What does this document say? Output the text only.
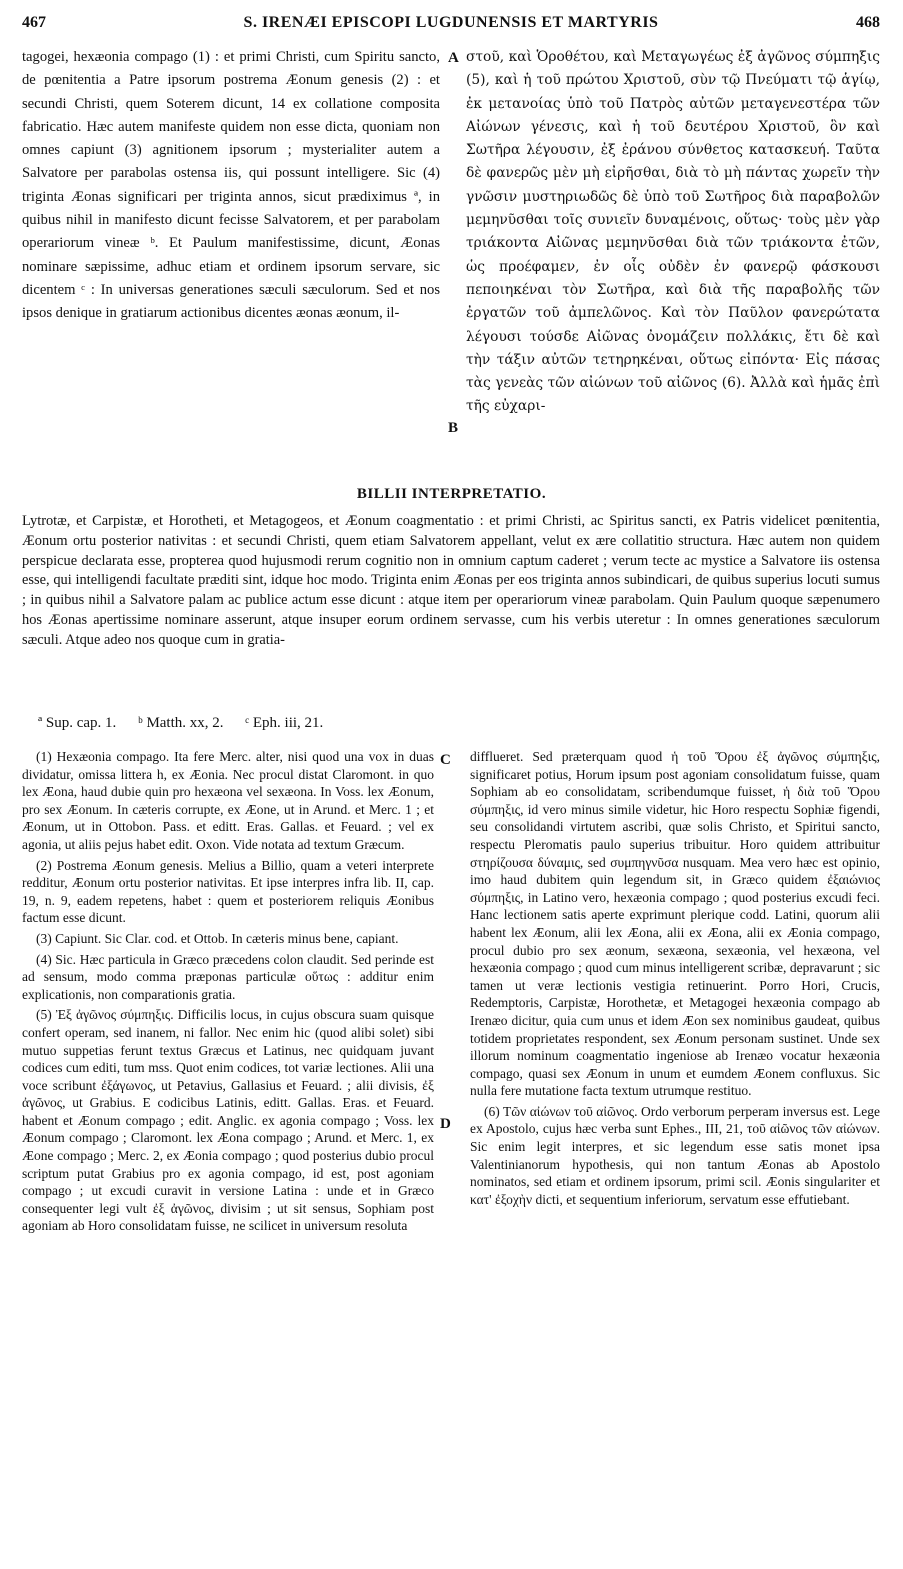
467	S. IRENÆI EPISCOPI LUGDUNENSIS ET MARTYRIS	468

tagogei, hexæonia compago (1) : et primi Christi, cum Spiritu sancto, de pœnitentia a Patre ipsorum postrema Æonum genesis (2) : et secundi Christi, quem Soterem dicunt, 14 ex collatione composita fabricatio. Hæc autem manifeste quidem non esse dicta, quoniam non omnes capiunt (3) agnitionem ipsorum ; mysterialiter autem a Salvatore per parabolas ostensa iis, qui possunt intelligere. Sic (4) triginta Æonas significari per triginta annos, sicut prædiximus ª, in quibus nihil in manifesto dicunt fecisse Salvatorem, et per parabolam operariorum vineæ ᵇ. Et Paulum manifestissime, dicunt, Æonas nominare sæpissime, adhuc etiam et ordinem ipsorum servare, sic dicentem ᶜ : In universas generationes sæculi sæculorum. Sed et nos ipsos denique in gratiarum actionibus dicentes æonas æonum, il-

στοῦ, καὶ Ὁροθέτου, καὶ Μεταγωγέως ἐξ ἀγῶνος σύμπηξις (5), καὶ ἡ τοῦ πρώτου Χριστοῦ, σὺν τῷ Πνεύματι τῷ ἁγίῳ, ἐκ μετανοίας ὑπὸ τοῦ Πατρὸς αὐτῶν μεταγενεστέρα τῶν Αἰώνων γένεσις, καὶ ἡ τοῦ δευτέρου Χριστοῦ, ὃν καὶ Σωτῆρα λέγουσιν, ἐξ ἐράνου σύνθετος κατασκευή. Ταῦτα δὲ φανερῶς μὲν μὴ εἰρῆσθαι, διὰ τὸ μὴ πάντας χωρεῖν τὴν γνῶσιν μυστηριωδῶς δὲ ὑπὸ τοῦ Σωτῆρος διὰ παραβολῶν μεμηνῦσθαι τοῖς συνιεῖν δυναμένοις, οὕτως· τοὺς μὲν γὰρ τριάκοντα Αἰῶνας μεμηνῦσθαι διὰ τῶν τριάκοντα ἐτῶν, ὡς προέφαμεν, ἐν οἷς οὐδὲν ἐν φανερῷ φάσκουσι πεποιηκέναι τὸν Σωτῆρα, καὶ διὰ τῆς παραβολῆς τῶν ἐργατῶν τοῦ ἀμπελῶνος. Καὶ τὸν Παῦλον φανερώτατα λέγουσι τούσδε Αἰῶνας ὀνομάζειν πολλάκις, ἔτι δὲ καὶ τὴν τάξιν αὐτῶν τετηρηκέναι, οὕτως εἰπόντα· Εἰς πάσας τὰς γενεὰς τῶν αἰώνων τοῦ αἰῶνος (6). Ἀλλὰ καὶ ἡμᾶς ἐπὶ τῆς εὐχαρι-

A
B
C
D
BILLII INTERPRETATIO.

Lytrotæ, et Carpistæ, et Horotheti, et Metagogeos, et Æonum coagmentatio : et primi Christi, ac Spiritus sancti, ex Patris videlicet pœnitentia, Æonum ortu posterior nativitas : et secundi Christi, quem etiam Salvatorem appellant, velut ex ære collatitio structura. Hæc autem non quidem perspicue declarata esse, propterea quod hujusmodi rerum cognitio non in omnium captum caderet ; verum tecte ac mystice a Salvatore iis ostensa esse, qui intelligendi facultate præditi sint, idque hoc modo. Triginta enim Æonas per eos triginta annos subindicari, de quibus superius locuti sumus ; in quibus nihil a Salvatore palam ac publice actum esse dicunt : atque item per operariorum vineæ parabolam. Quin Paulum quoque sæpenumero hos Æonas apertissime nominare asserunt, atque insuper eorum ordinem servasse, cum his verbis uteretur : In omnes generationes sæculorum sæculi. Atque adeo nos quoque cum in gratia-

ª Sup. cap. 1. ᵇ Matth. xx, 2. ᶜ Eph. iii, 21.

(1) Hexæonia compago. Ita fere Merc. alter, nisi quod una vox in duas dividatur, omissa littera h, ex Æonia. Nec procul distat Claromont. in quo lex Æona, haud dubie quin pro hexæona vel sexæona. In Voss. lex Æonum, pro sex Æonum. In cæteris corrupte, ex Æone, ut in Arund. et Merc. 1 ; et Æonum, ut in Ottobon. Pass. et editt. Eras. Gallas. et Feuard. ; vel ex agonia, ut aliis pejus habet edit. Oxon. Vide notata ad textum Græcum.

(2) Postrema Æonum genesis. Melius a Billio, quam a veteri interprete redditur, Æonum ortu posterior nativitas. Et ipse interpres infra lib. II, cap. 19, n. 9, eadem repetens, habet : quem et posteriorem reliquis Æonibus factum esse dicunt.

(3) Capiunt. Sic Clar. cod. et Ottob. In cæteris minus bene, capiant.

(4) Sic. Hæc particula in Græco præcedens colon claudit. Sed perinde est ad sensum, modo comma præponas particulæ οὕτως : additur enim explicationis, non comparationis gratia.

(5) Ἐξ ἀγῶνος σύμπηξις. Difficilis locus, in cujus obscura suam quisque confert operam, sed inanem, ni fallor. Nec enim hic (quod alibi solet) sibi mutuo suppetias ferunt textus Græcus et Latinus, nec quidquam juvant codices cum editi, tum mss. Quot enim codices, tot variæ lectiones. Alii una voce scribunt ἐξάγωνος, ut Petavius, Gallasius et Feuard. ; alii divisis, ἐξ ἀγῶνος, ut Grabius. E codicibus Latinis, editt. Gallas. Eras. et Feuard. habent et Æonum compago ; edit. Anglic. ex agonia compago ; Voss. lex Æonum compago ; Claromont. lex Æona compago ; Arund. et Merc. 1, ex Æone compago ; Merc. 2, ex Æonia compago ; quod posterius dubio procul scriptum putat Grabius pro ex agonia compago, id est, post agoniam compago ; ut excudi curavit in versione Latina : unde et in Græco consequenter legi vult ἐξ ἀγῶνος, divisim ; ut sit sensus, Sophiam post agoniam ab Horo consolidatam fuisse, ne scilicet in universum resoluta

difflueret. Sed præterquam quod ἡ τοῦ Ὅρου ἐξ ἀγῶνος σύμπηξις, significaret potius, Horum ipsum post agoniam consolidatum fuisse, quam Sophiam ab eo consolidatam, scribendumque fuisset, ἡ διὰ τοῦ Ὅρου σύμπηξις, id vero minus simile videtur, hic Horo respectu Sophiæ figendi, seu consolidandi virtutem ascribi, quæ solis Christo, et Spiritui sancto, respectu Pleromatis paulo superius tribuitur. Horo quidem attribuitur στηρίζουσα δύναμις, sed συμπηγνῦσα nusquam. Mea vero hæc est opinio, imo haud dubitem quin legendum sit, in Græco quidem ἐξαιώνιος σύμπηξις, in Latino vero, hexæonia compago ; quod posterius excudi feci. Hanc lectionem satis aperte exprimunt plerique codd. Latini, quorum alii habent lex Æonum, alii lex Æona, alii ex Æona, alii ex Æonia compago, procul dubio pro sex æonum, sexæona, sexæonia, vel hexæona, vel hexæonia compago ; quod cum minus intelligerent scribæ, depravarunt ; sic tamen ut veræ lectionis vestigia retinuerint. Porro Hori, Crucis, Redemptoris, Carpistæ, Horothetæ, et Metagogei hexæonia compago ab Irenæo dicitur, quia cum unus et idem Æon sex nominibus gaudeat, quibus totidem proprietates respondent, sex Æonum personam sustinet. Unde sex illorum nominum coagmentatio ingeniose ab Irenæo vocatur hexæonia compago, quasi sex Æonum in unum et eumdem Æonem confluxus. Sic nulla fere mutatione facta textum utrumque restituo.

(6) Τῶν αἰώνων τοῦ αἰῶνος. Ordo verborum perperam inversus est. Lege ex Apostolo, cujus hæc verba sunt Ephes., III, 21, τοῦ αἰῶνος τῶν αἰώνων. Sic enim legit interpres, et sic legendum esse satis monet ipsa Valentinianorum hypothesis, qui non tantum Æonas ab Apostolo nominatos, sed etiam et ordinem ipsorum, primi scil. Æonis singulariter et κατ' ἐξοχὴν dicti, et sequentium inferiorum, servatum esse effutiebant.
